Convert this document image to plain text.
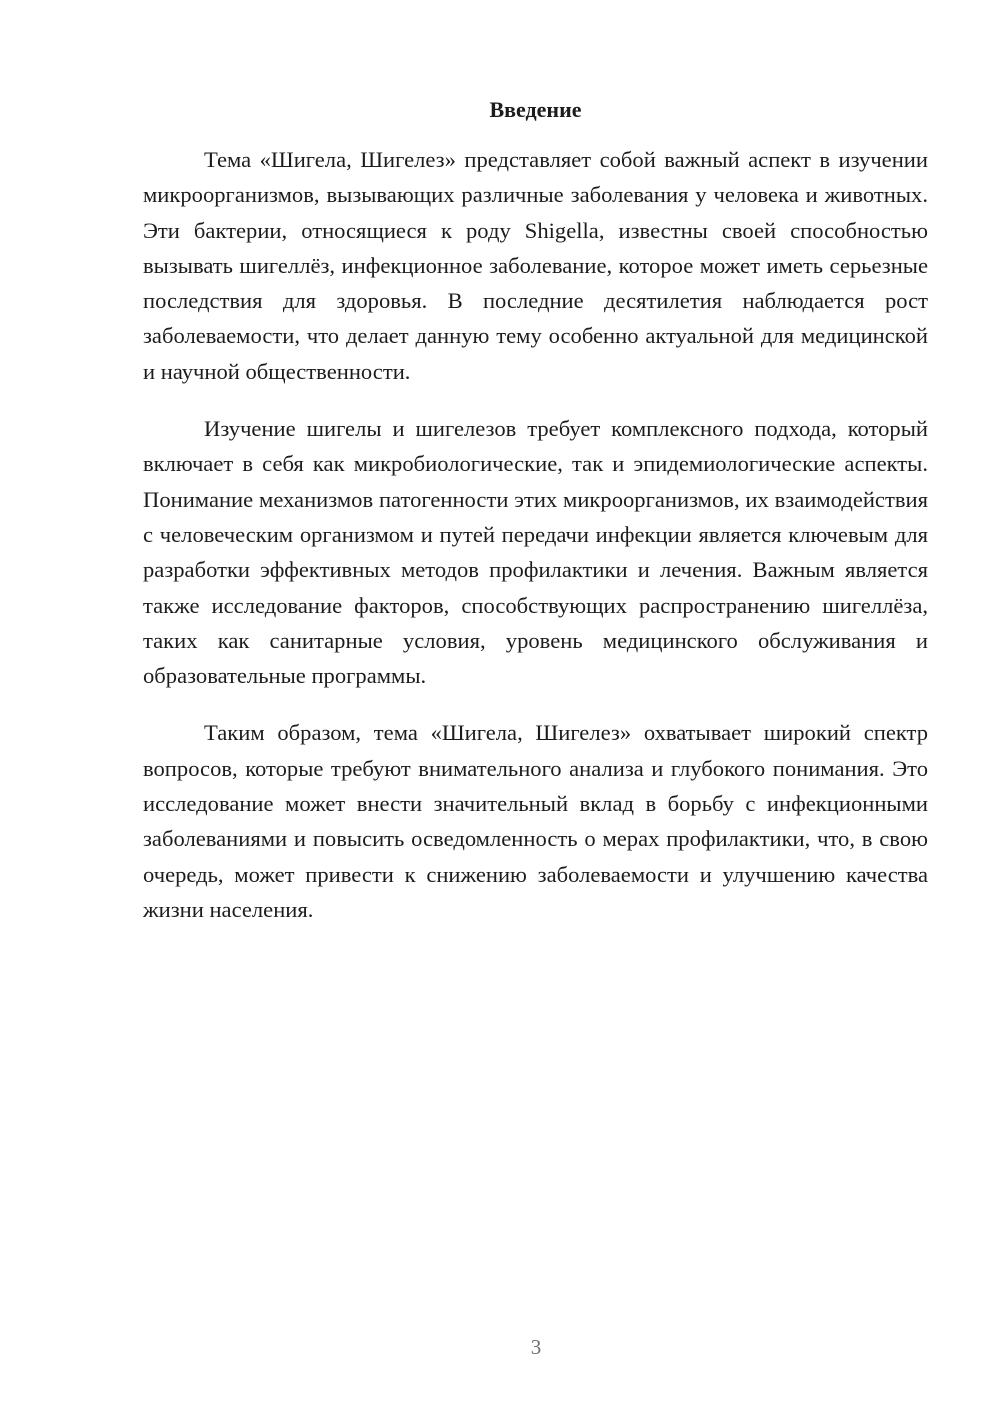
Введение

Тема «Шигела, Шигелез» представляет собой важный аспект в изучении микроорганизмов, вызывающих различные заболевания у человека и животных. Эти бактерии, относящиеся к роду Shigella, известны своей способностью вызывать шигеллёз, инфекционное заболевание, которое может иметь серьезные последствия для здоровья. В последние десятилетия наблюдается рост заболеваемости, что делает данную тему особенно актуальной для медицинской и научной общественности.

Изучение шигелы и шигелезов требует комплексного подхода, который включает в себя как микробиологические, так и эпидемиологические аспекты. Понимание механизмов патогенности этих микроорганизмов, их взаимодействия с человеческим организмом и путей передачи инфекции является ключевым для разработки эффективных методов профилактики и лечения. Важным является также исследование факторов, способствующих распространению шигеллёза, таких как санитарные условия, уровень медицинского обслуживания и образовательные программы.

Таким образом, тема «Шигела, Шигелез» охватывает широкий спектр вопросов, которые требуют внимательного анализа и глубокого понимания. Это исследование может внести значительный вклад в борьбу с инфекционными заболеваниями и повысить осведомленность о мерах профилактики, что, в свою очередь, может привести к снижению заболеваемости и улучшению качества жизни населения.

3
